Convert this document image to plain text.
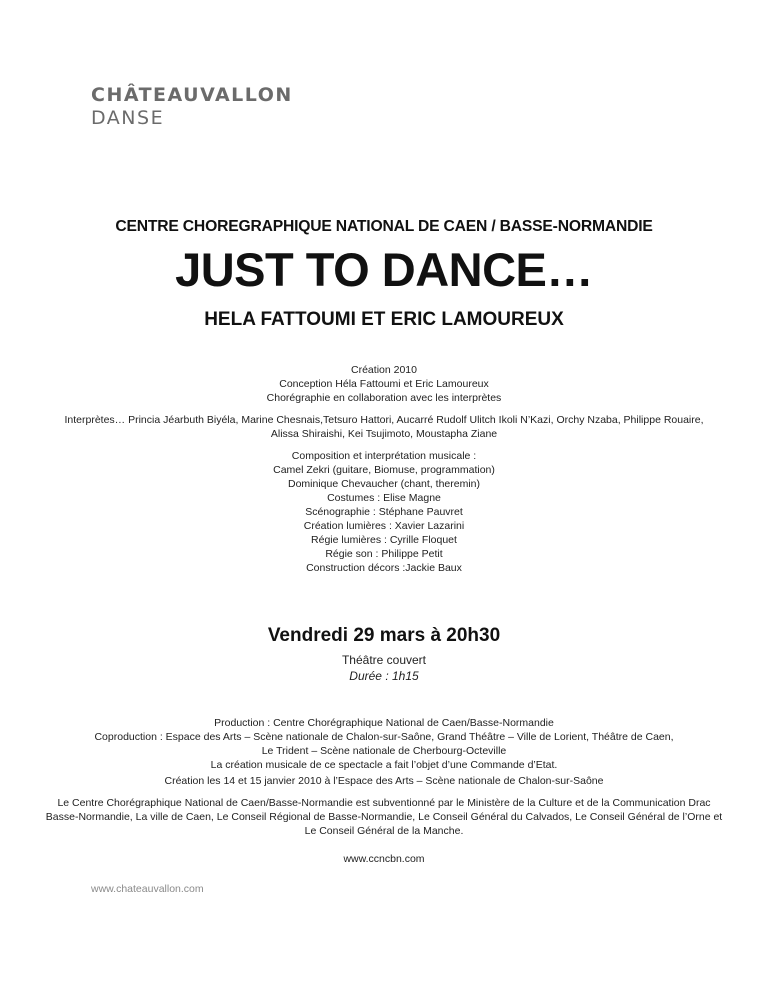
CHÂTEAUVALLON
DANSE
CENTRE CHOREGRAPHIQUE NATIONAL DE CAEN / BASSE-NORMANDIE
JUST TO DANCE…
HELA FATTOUMI ET ERIC LAMOUREUX
Création 2010
Conception Héla Fattoumi et Eric Lamoureux
Chorégraphie en collaboration avec les interprètes
Interprètes… Princia Jéarbuth Biyéla, Marine Chesnais,Tetsuro Hattori, Aucarré Rudolf Ulitch Ikoli N’Kazi, Orchy Nzaba, Philippe Rouaire, Alissa Shiraishi, Kei Tsujimoto, Moustapha Ziane
Composition et interprétation musicale :
Camel Zekri (guitare, Biomuse, programmation)
Dominique Chevaucher (chant, theremin)
Costumes : Elise Magne
Scénographie : Stéphane Pauvret
Création lumières : Xavier Lazarini
Régie lumières : Cyrille Floquet
Régie son : Philippe Petit
Construction décors :Jackie Baux
Vendredi 29 mars à 20h30
Théâtre couvert
Durée : 1h15
Production : Centre Chorégraphique National de Caen/Basse-Normandie
Coproduction : Espace des Arts – Scène nationale de Chalon-sur-Saône, Grand Théâtre – Ville de Lorient, Théâtre de Caen,
Le Trident – Scène nationale de Cherbourg-Octeville
La création musicale de ce spectacle a fait l’objet d’une Commande d’Etat.
Création les 14 et 15 janvier 2010 à l’Espace des Arts – Scène nationale de Chalon-sur-Saône
Le Centre Chorégraphique National de Caen/Basse-Normandie est subventionné par le Ministère de la Culture et de la Communication Drac Basse-Normandie, La ville de Caen, Le Conseil Régional de Basse-Normandie, Le Conseil Général du Calvados, Le Conseil Général de l’Orne et Le Conseil Général de la Manche.
www.ccncbn.com
www.chateauvallon.com
